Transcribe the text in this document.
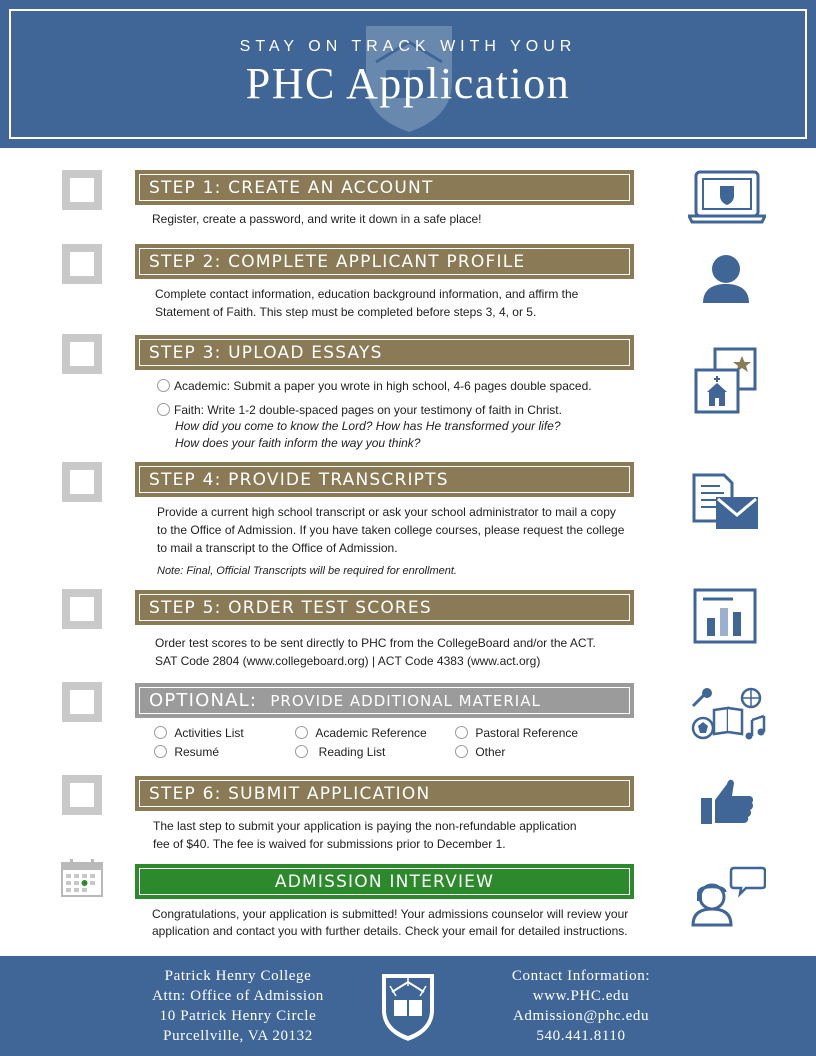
STAY ON TRACK WITH YOUR
PHC Application
STEP 1: CREATE AN ACCOUNT
Register, create a password, and write it down in a safe place!
STEP 2: COMPLETE APPLICANT PROFILE
Complete contact information, education background information, and affirm the
Statement of Faith. This step must be completed before steps 3, 4, or 5.
STEP 3: UPLOAD ESSAYS
Academic: Submit a paper you wrote in high school, 4-6 pages double spaced.
Faith: Write 1-2 double-spaced pages on your testimony of faith in Christ.
How did you come to know the Lord? How has He transformed your life?
How does your faith inform the way you think?
STEP 4: PROVIDE TRANSCRIPTS
Provide a current high school transcript or ask your school administrator to mail a copy
to the Office of Admission. If you have taken college courses, please request the college
to mail a transcript to the Office of Admission.
Note: Final, Official Transcripts will be required for enrollment.
STEP 5: ORDER TEST SCORES
Order test scores to be sent directly to PHC from the CollegeBoard and/or the ACT.
SAT Code 2804 (www.collegeboard.org) | ACT Code 4383 (www.act.org)
OPTIONAL: PROVIDE ADDITIONAL MATERIAL
Activities List	Academic Reference	Pastoral Reference
Resumé	Reading List	Other
STEP 6: SUBMIT APPLICATION
The last step to submit your application is paying the non-refundable application
fee of $40. The fee is waived for submissions prior to December 1.
ADMISSION INTERVIEW
Congratulations, your application is submitted! Your admissions counselor will review your
application and contact you with further details. Check your email for detailed instructions.
Patrick Henry College
Attn: Office of Admission
10 Patrick Henry Circle
Purcellville, VA 20132
Contact Information:
www.PHC.edu
Admission@phc.edu
540.441.8110
